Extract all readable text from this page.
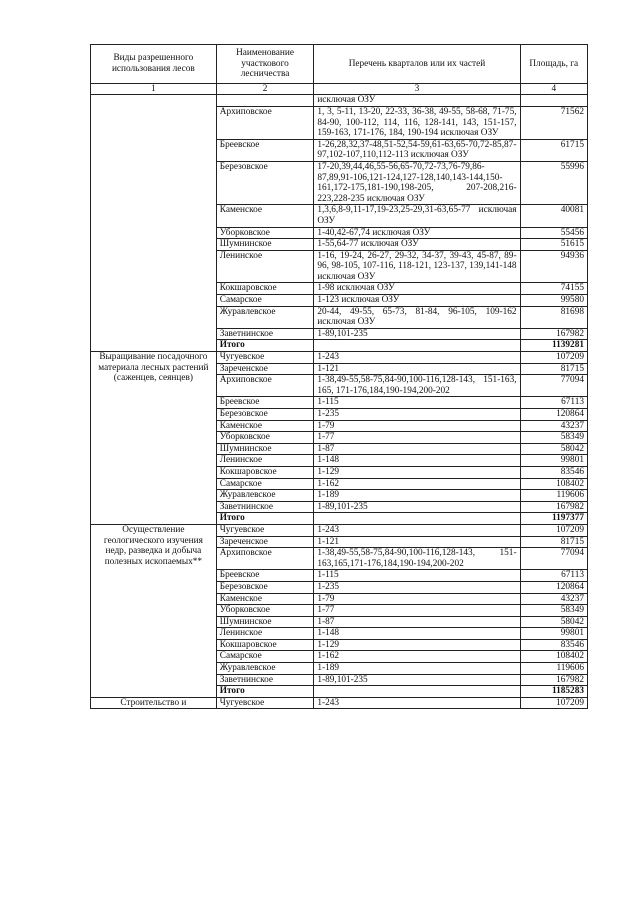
Виды разрешенного использования лесов	Наименование участкового лесничества	Перечень кварталов или их частей	Площадь, га
1	2	3	4
		исключая ОЗУ	
	Архиповское	1, 3, 5-11, 13-20, 22-33, 36-38, 49-55, 58-68, 71-75, 84-90, 100-112, 114, 116, 128-141, 143, 151-157, 159-163, 171-176, 184, 190-194 исключая ОЗУ	71562
	Бреевское	1-26,28,32,37-48,51-52,54-59,61-63,65-70,72-85,87-97,102-107,110,112-113 исключая ОЗУ	61715
	Березовское	17-20,39,44,46,55-56,65-70,72-73,76-79,86-87,89,91-106,121-124,127-128,140,143-144,150-161,172-175,181-190,198-205, 207-208,216-223,228-235 исключая ОЗУ	55996
	Каменское	1,3,6,8-9,11-17,19-23,25-29,31-63,65-77 исключая ОЗУ	40081
	Уборковское	1-40,42-67,74 исключая ОЗУ	55456
	Шумнинское	1-55,64-77 исключая ОЗУ	51615
	Ленинское	1-16, 19-24, 26-27, 29-32, 34-37, 39-43, 45-87, 89-96, 98-105, 107-116, 118-121, 123-137, 139,141-148 исключая ОЗУ	94936
	Кокшаровское	1-98 исключая ОЗУ	74155
	Самарское	1-123 исключая ОЗУ	99580
	Журавлевское	20-44, 49-55, 65-73, 81-84, 96-105, 109-162 исключая ОЗУ	81698
	Заветнинское	1-89,101-235	167982
	Итого		1139281
Выращивание посадочного материала лесных растений (саженцев, сеянцев)	Чугуевское	1-243	107209
	Зареченское	1-121	81715
	Архиповское	1-38,49-55,58-75,84-90,100-116,128-143, 151-163, 165, 171-176,184,190-194,200-202	77094
	Бреевское	1-115	67113
	Березовское	1-235	120864
	Каменское	1-79	43237
	Уборковское	1-77	58349
	Шумнинское	1-87	58042
	Ленинское	1-148	99801
	Кокшаровское	1-129	83546
	Самарское	1-162	108402
	Журавлевское	1-189	119606
	Заветнинское	1-89,101-235	167982
	Итого		1197377
Осуществление геологического изучения недр, разведка и добыча полезных ископаемых**	Чугуевское	1-243	107209
	Зареченское	1-121	81715
	Архиповское	1-38,49-55,58-75,84-90,100-116,128-143, 151-163,165,171-176,184,190-194,200-202	77094
	Бреевское	1-115	67113
	Березовское	1-235	120864
	Каменское	1-79	43237
	Уборковское	1-77	58349
	Шумнинское	1-87	58042
	Ленинское	1-148	99801
	Кокшаровское	1-129	83546
	Самарское	1-162	108402
	Журавлевское	1-189	119606
	Заветнинское	1-89,101-235	167982
	Итого		1185283
Строительство и	Чугуевское	1-243	107209
